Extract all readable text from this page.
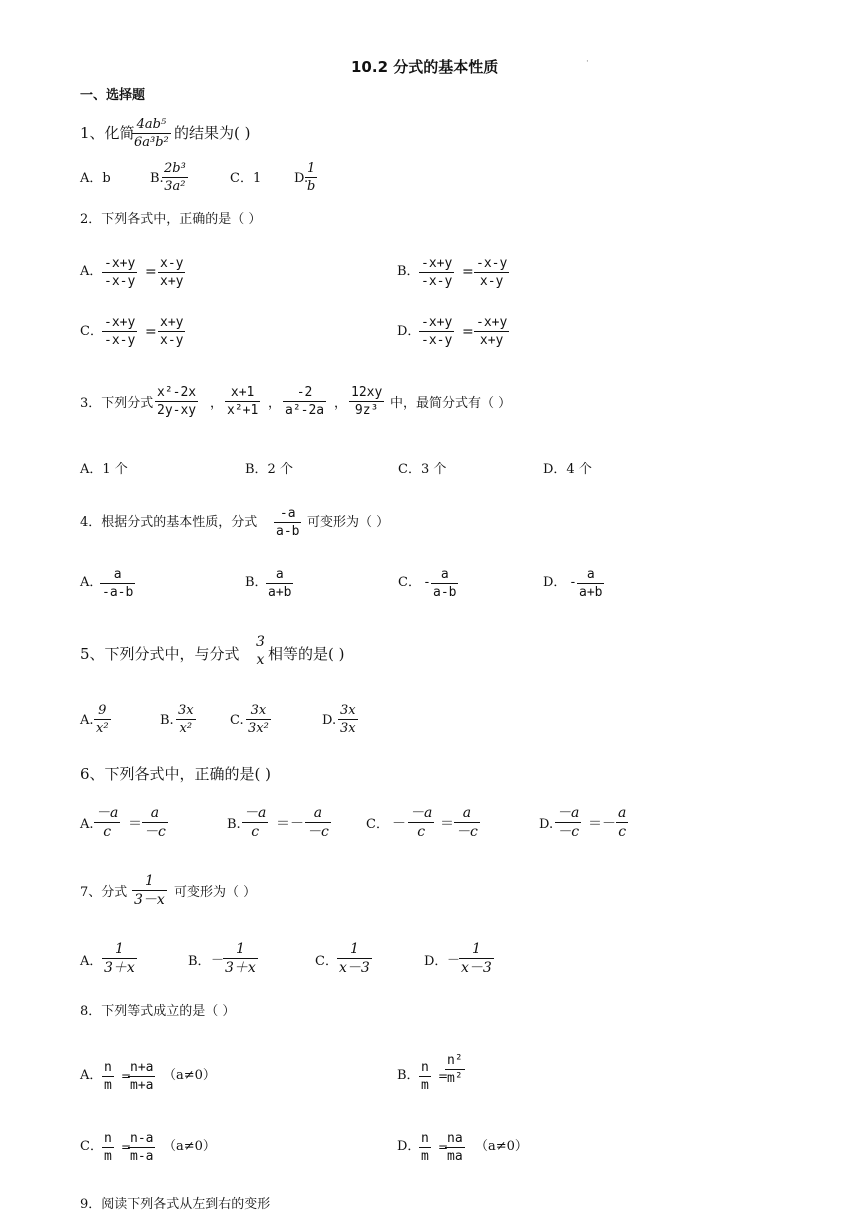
10.2 分式的基本性质	·
一、选择题
1、化简 4ab⁵
6a³b²
的结果为( )
A．b	B.
2b³
3a²
C．1	D.
1
b
2．下列各式中，正确的是（ ）
A．
-x+y
-x-y
=
x-y
x+y
B．
-x+y
-x-y
=
-x-y
x-y
C．
-x+y
-x-y
=
x+y
x-y
D．
-x+y
-x-y
=
-x+y
x+y
3．下列分式
x²-2x
2y-xy ，
x+1
x²+1 ，
-2
a²-2a ，
12xy
9z³ 中，最简分式有（ ）
A．1 个	B．2 个	C．3 个	D．4 个
4．根据分式的基本性质，分式
-a
a-b
可变形为（ ）
A．
a
-a-b
B．
a
a+b
C． -
a
a-b
D． -
a
a+b
5、下列分式中，与分式
3
x 相等的是( )
A.
9
x²
B.
3x
x²
C.
3x
3x²
D.
3x
3x
6、下列各式中，正确的是( )
A.
－a
c ＝
a
－c	B.
－a
c ＝－
a
－c	C． －
－a
c ＝
a
－c	D.
－a
－c ＝－
a
c
7、分式
1
3－x 可变形为（ ）
A．
1
3＋x	B． －
1
3＋x	C．
1
x－3	D． －
1
x－3
8．下列等式成立的是（ ）
A．
n
m
=
n+a
m+a
（a≠0）	B．
n
m
=
n²
m²
C．
n
m
=
n-a
m-a
（a≠0）	D．
n
m
=
na
ma
（a≠0）
9．阅读下列各式从左到右的变形
